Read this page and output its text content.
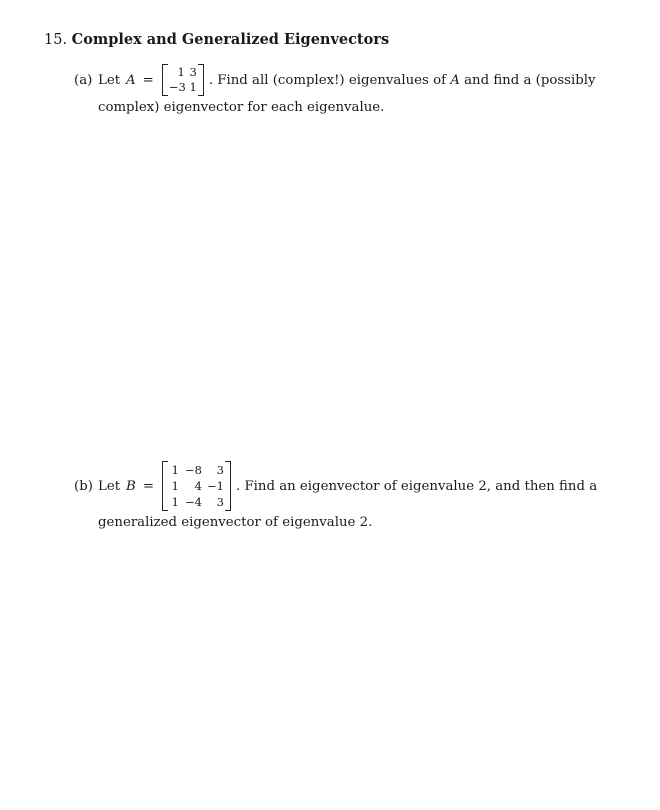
15. Complex and Generalized Eigenvectors
(a) Let A =
1 3
−3 1 . Find all (complex!) eigenvalues of A and find a (possibly
complex) eigenvector for each eigenvalue.
(b) Let B =
1 −8	3
1	4 −1
1 −4	3
. Find an eigenvector of eigenvalue 2, and then find a
generalized eigenvector of eigenvalue 2.
